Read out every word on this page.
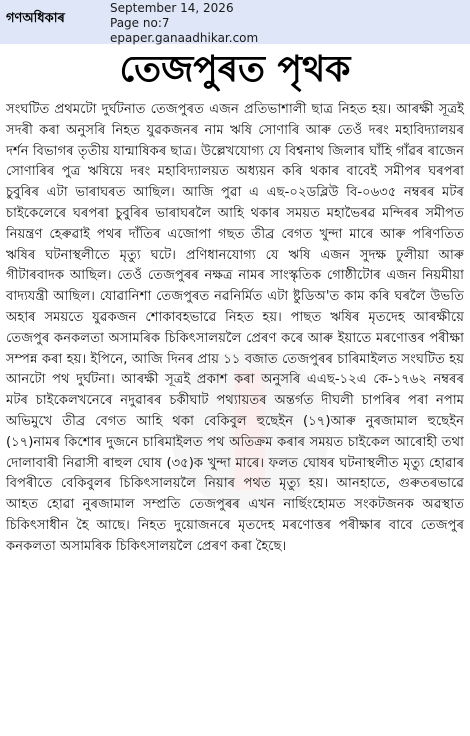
গণঅধিকাৰ
September 14, 2026
Page no:7
epaper.ganaadhikar.com
তেজপুৰত পৃথক
সংঘটিত প্ৰথমটো দুৰ্ঘটনাত তেজপুৰত এজন প্ৰতিভাশালী ছাত্ৰ নিহত হয়। আৰক্ষী সূত্ৰই সদৰী কৰা অনুসৰি নিহত যুৱকজনৰ নাম ঋষি সোণাৰি আৰু তেওঁ দৰং মহাবিদ্যালয়ৰ দৰ্শন বিভাগৰ তৃতীয় যান্মাষিকৰ ছাত্ৰ। উল্লেখযোগ্য যে বিশ্বনাথ জিলাৰ ঘাঁহি গাঁৱৰ ৰাজেন সোণাৰিৰ পুত্ৰ ঋষিয়ে দৰং মহাবিদ্যালয়ত অধ্যয়ন কৰি থকাৰ বাবেই সমীপৰ ঘৰপৰা চুবুৰিৰ এটা ভাৰাঘৰত আছিল। আজি পুৱা এ এছ-০২ডব্লিউ বি-০৬৩৫ নম্বৰৰ মটৰ চাইকেলেৰে ঘৰপৰা চুবুৰিৰ ভাৰাঘৰলৈ আহি থকাৰ সময়ত মহাভৈৰৱ মন্দিৰৰ সমীপত নিয়ন্ত্ৰণ হেৰুৱাই পথৰ দাঁতিৰ এজোপা গছত তীব্ৰ বেগত খুন্দা মাৰে আৰু পৰিণতিত ঋষিৰ ঘটনাস্থলীতে মৃত্যু ঘটে। প্ৰণিধানযোগ্য যে ঋষি এজন সুদক্ষ ঢুলীয়া আৰু গীটাৰবাদক আছিল। তেওঁ তেজপুৰৰ নক্ষত্ৰ নামৰ সাংস্কৃতিক গোষ্ঠীটোৰ এজন নিয়মীয়া বাদ্যযন্ত্ৰী আছিল। যোৱানিশা তেজপুৰত নৱনিৰ্মিত এটা ষ্টুডিঅ'ত কাম কৰি ঘৰলৈ উভতি অহাৰ সময়তে যুৱকজন শোকাবহভাৱে নিহত হয়। পাছত ঋষিৰ মৃতদেহ আৰক্ষীয়ে তেজপুৰ কনকলতা অসামৰিক চিকিৎসালয়লৈ প্ৰেৰণ কৰে আৰু ইয়াতে মৰণোত্তৰ পৰীক্ষা সম্পন্ন কৰা হয়। ইপিনে, আজি দিনৰ প্ৰায় ১১ বজাত তেজপুৰৰ চাৰিমাইলত সংঘটিত হয় আনটো পথ দুৰ্ঘটনা। আৰক্ষী সূত্ৰই প্ৰকাশ কৰা অনুসৰি এএছ-১২এ কে-১৭৬২ নম্বৰৰ মটৰ চাইকেলখনেৰে নদুৱাৰৰ চকীঘাট পথ্যায়তৰ অন্তৰ্গত দীঘলী চাপৰিৰ পৰা নপাম অভিমুখে তীব্ৰ বেগত আহি থকা বেকিবুল হুছেইন (১৭)আৰু নুৰজামাল হুছেইন (১৭)নামৰ কিশোৰ দুজনে চাৰিমাইলত পথ অতিক্ৰম কৰাৰ সময়ত চাইকেল আৰোহী তথা দোলাবাৰী নিৱাসী ৰাহুল ঘোষ (৩৫)ক খুন্দা মাৰে। ফলত ঘোষৰ ঘটনাস্থলীত মৃত্যু হোৱাৰ বিপৰীতে বেকিবুলৰ চিকিৎসালয়লৈ নিয়াৰ পথত মৃত্যু হয়। আনহাতে, গুৰুতৰভাৱে আহত হোৱা নুৰজামাল সম্প্ৰতি তেজপুৰৰ এখন নাৰ্ছিংহোমত সংকটজনক অৱস্থাত চিকিৎসাধীন হৈ আছে। নিহত দুয়োজনৰে মৃতদেহ মৰণোত্তৰ পৰীক্ষাৰ বাবে তেজপুৰ কনকলতা অসামৰিক চিকিৎসালয়লৈ প্ৰেৰণ কৰা হৈছে।
